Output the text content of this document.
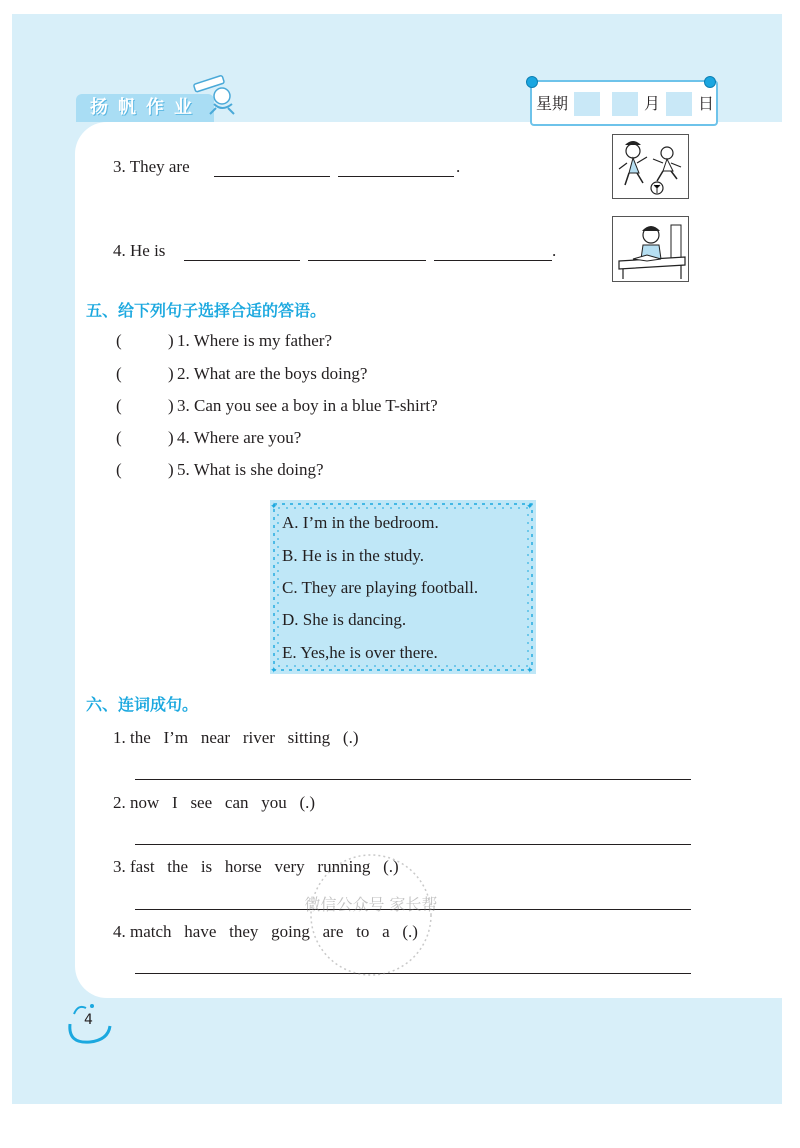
扬帆作业	星期	月 日
3. They are	.
4. He is	.
五、给下列句子选择合适的答语。
(	) 1. Where is my father?
(	) 2. What are the boys doing?
(	) 3. Can you see a boy in a blue T-shirt?
(	) 4. Where are you?
(	) 5. What is she doing?
✦	✦
✦	✦
A. I’m in the bedroom.
B. He is in the study.
C. They are playing football.
D. She is dancing.
E. Yes,he is over there.
六、连词成句。
1. the   I’m   near   river   sitting   (.)
2. now   I   see   can   you   (.)
3. fast   the   is   horse   very   running   (.)
4. match   have   they   going   are   to   a   (.)
微信公众号 家长帮
4
